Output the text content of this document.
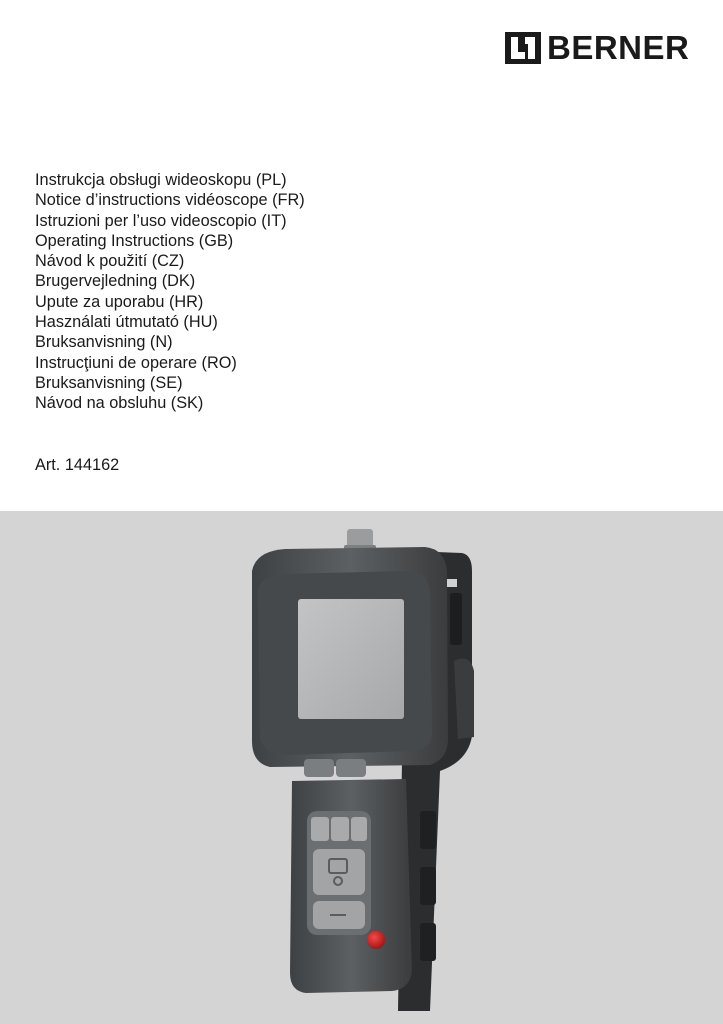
BERNER
Instrukcja obsługi wideoskopu (PL)
Notice d’instructions vidéoscope (FR)
Istruzioni per l’uso videoscopio (IT)
Operating Instructions (GB)
Návod k použití (CZ)
Brugervejledning (DK)
Upute za uporabu (HR)
Használati útmutató (HU)
Bruksanvisning (N)
Instrucţiuni de operare (RO)
Bruksanvisning (SE)
Návod na obsluhu (SK)
Art. 144162
